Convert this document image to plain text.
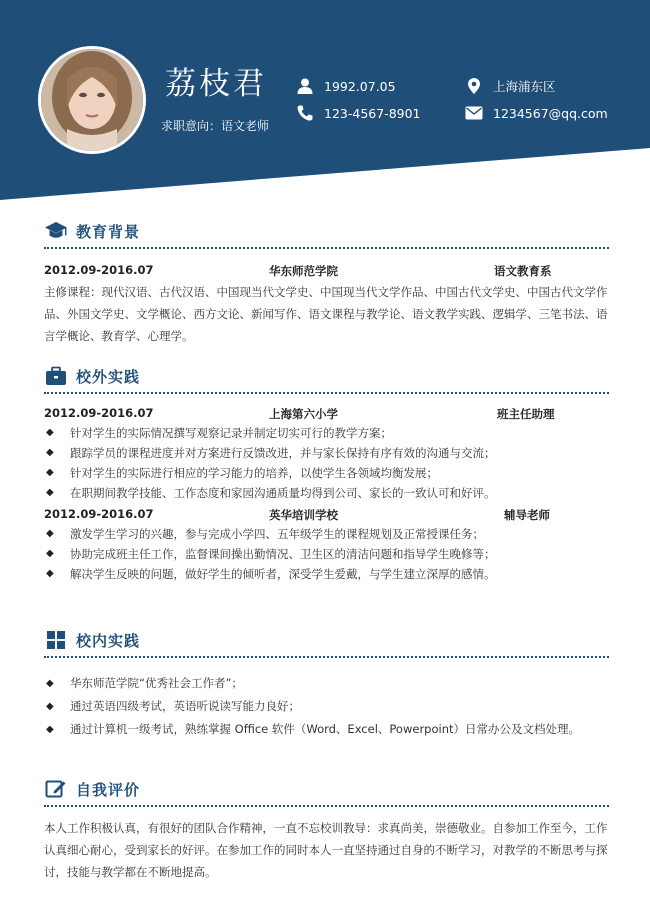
荔枝君
求职意向：语文老师
1992.07.05	上海浦东区
123-4567-8901	1234567@qq.com
教育背景
2012.09-2016.07	华东师范学院	语文教育系
主修课程：现代汉语、古代汉语、中国现当代文学史、中国现当代文学作品、中国古代文学史、中国古代文学作品、外国文学史、文学概论、西方文论、新闻写作、语文课程与教学论、语文教学实践、逻辑学、三笔书法、语言学概论、教育学、心理学。
校外实践
2012.09-2016.07	上海第六小学	班主任助理
◆ 针对学生的实际情况撰写观察记录并制定切实可行的教学方案；
◆ 跟踪学员的课程进度并对方案进行反馈改进，并与家长保持有序有效的沟通与交流；
◆ 针对学生的实际进行相应的学习能力的培养，以使学生各领域均衡发展；
◆ 在职期间教学技能、工作态度和家园沟通质量均得到公司、家长的一致认可和好评。
2012.09-2016.07	英华培训学校	辅导老师
◆ 激发学生学习的兴趣，参与完成小学四、五年级学生的课程规划及正常授课任务；
◆ 协助完成班主任工作，监督课间操出勤情况、卫生区的清洁问题和指导学生晚修等；
◆ 解决学生反映的问题，做好学生的倾听者，深受学生爱戴，与学生建立深厚的感情。
校内实践
◆ 华东师范学院“优秀社会工作者”；
◆ 通过英语四级考试，英语听说读写能力良好；
◆ 通过计算机一级考试，熟练掌握 Office 软件（Word、Excel、Powerpoint）日常办公及文档处理。
自我评价
本人工作积极认真，有很好的团队合作精神，一直不忘校训教导：求真尚美，崇德敬业。自参加工作至今，工作认真细心耐心，受到家长的好评。在参加工作的同时本人一直坚持通过自身的不断学习，对教学的不断思考与探讨，技能与教学都在不断地提高。
